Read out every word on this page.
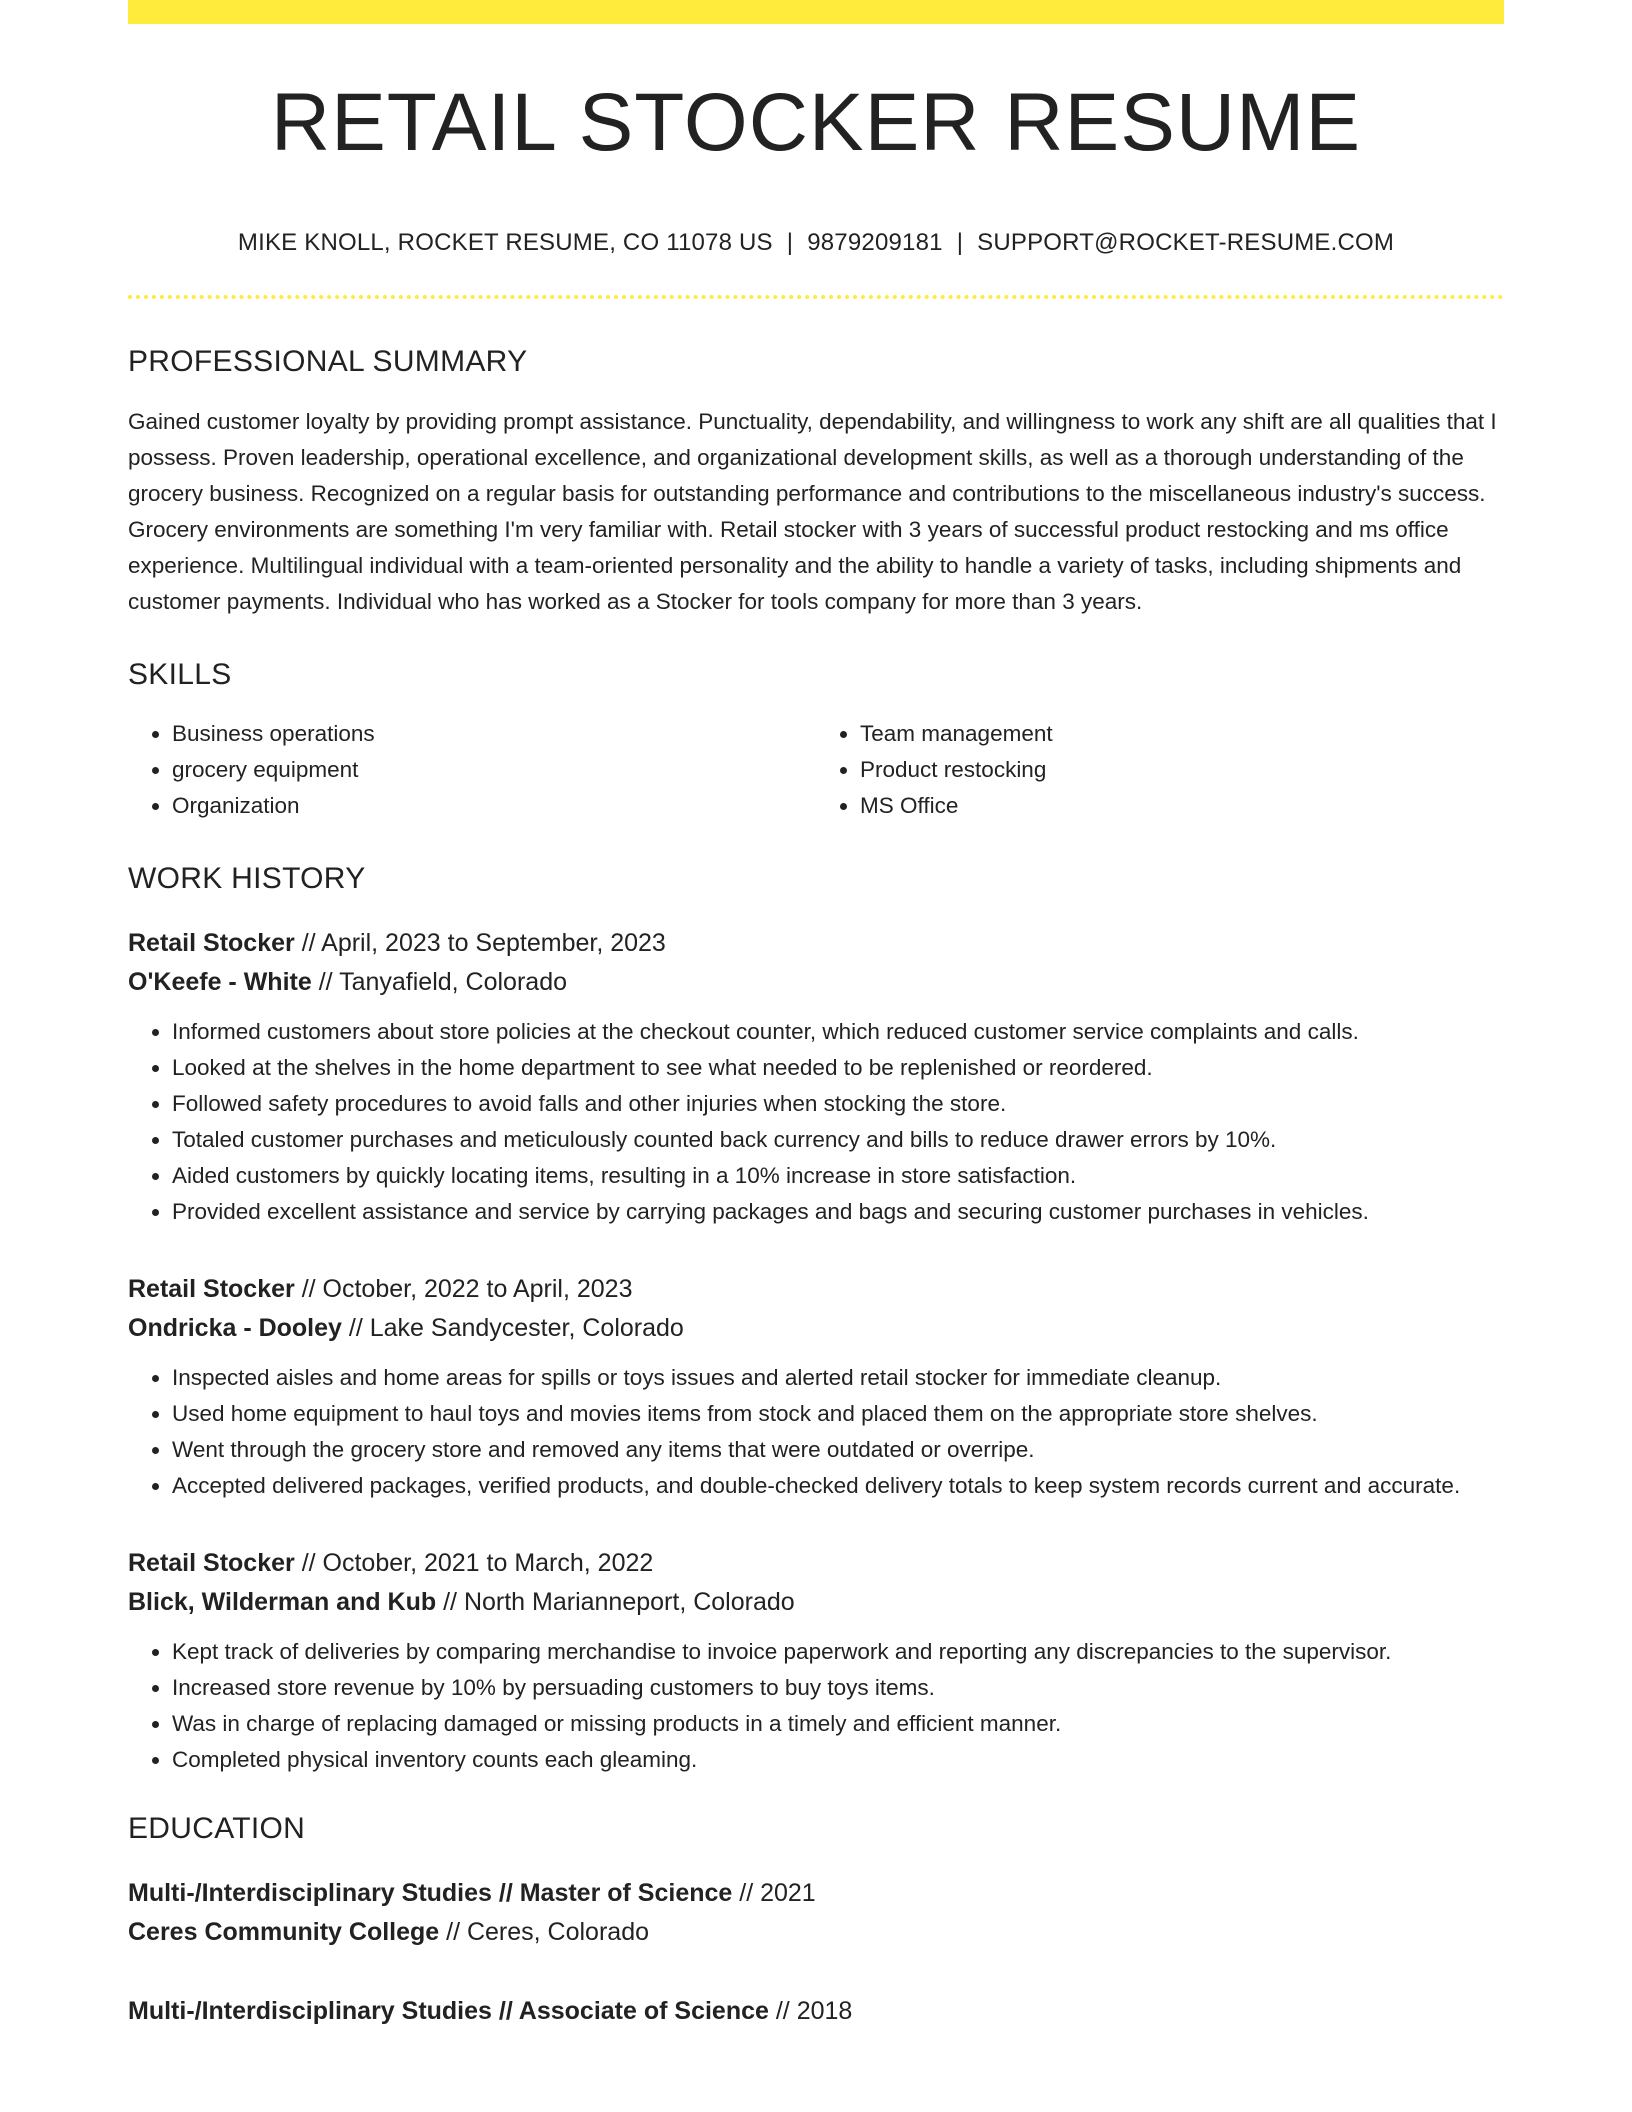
RETAIL STOCKER RESUME
MIKE KNOLL, ROCKET RESUME, CO 11078 US | 9879209181 | SUPPORT@ROCKET-RESUME.COM
PROFESSIONAL SUMMARY

Gained customer loyalty by providing prompt assistance. Punctuality, dependability, and willingness to work any shift are all qualities that I possess. Proven leadership, operational excellence, and organizational development skills, as well as a thorough understanding of the grocery business. Recognized on a regular basis for outstanding performance and contributions to the miscellaneous industry's success. Grocery environments are something I'm very familiar with. Retail stocker with 3 years of successful product restocking and ms office experience. Multilingual individual with a team-oriented personality and the ability to handle a variety of tasks, including shipments and customer payments. Individual who has worked as a Stocker for tools company for more than 3 years.

SKILLS
• Business operations
• grocery equipment
• Organization
• Team management
• Product restocking
• MS Office
WORK HISTORY
Retail Stocker // April, 2023 to September, 2023
O'Keefe - White // Tanyafield, Colorado
• Informed customers about store policies at the checkout counter, which reduced customer service complaints and calls.
• Looked at the shelves in the home department to see what needed to be replenished or reordered.
• Followed safety procedures to avoid falls and other injuries when stocking the store.
• Totaled customer purchases and meticulously counted back currency and bills to reduce drawer errors by 10%.
• Aided customers by quickly locating items, resulting in a 10% increase in store satisfaction.
• Provided excellent assistance and service by carrying packages and bags and securing customer purchases in vehicles.
Retail Stocker // October, 2022 to April, 2023
Ondricka - Dooley // Lake Sandycester, Colorado
• Inspected aisles and home areas for spills or toys issues and alerted retail stocker for immediate cleanup.
• Used home equipment to haul toys and movies items from stock and placed them on the appropriate store shelves.
• Went through the grocery store and removed any items that were outdated or overripe.
• Accepted delivered packages, verified products, and double-checked delivery totals to keep system records current and accurate.
Retail Stocker // October, 2021 to March, 2022
Blick, Wilderman and Kub // North Marianneport, Colorado
• Kept track of deliveries by comparing merchandise to invoice paperwork and reporting any discrepancies to the supervisor.
• Increased store revenue by 10% by persuading customers to buy toys items.
• Was in charge of replacing damaged or missing products in a timely and efficient manner.
• Completed physical inventory counts each gleaming.
EDUCATION
Multi-/Interdisciplinary Studies // Master of Science // 2021
Ceres Community College // Ceres, Colorado
Multi-/Interdisciplinary Studies // Associate of Science // 2018
